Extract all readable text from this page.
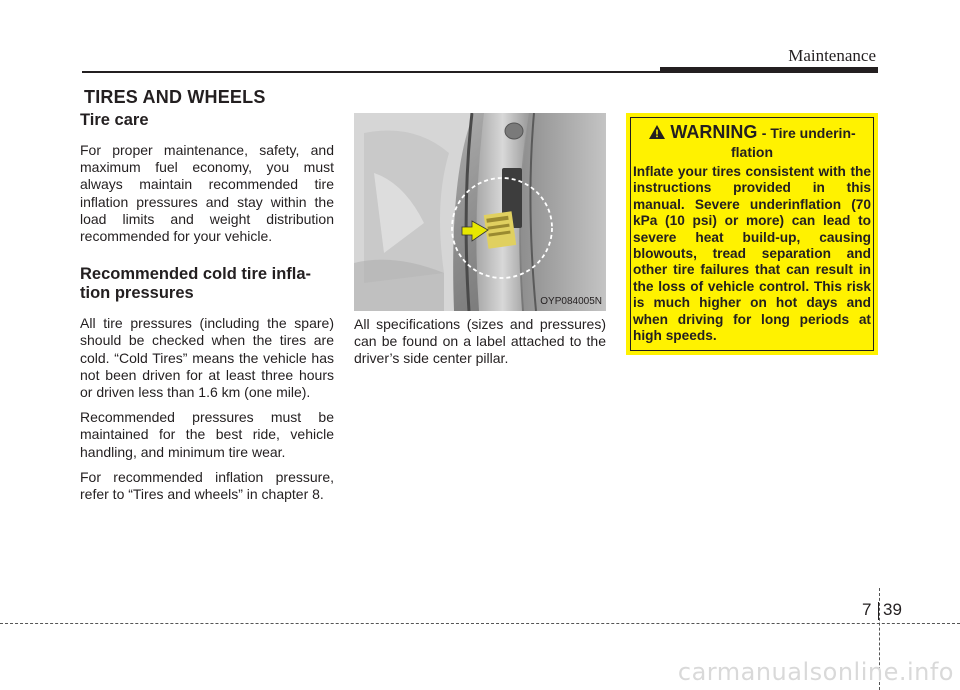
Maintenance
TIRES AND WHEELS
Tire care

For proper maintenance, safety, and maximum fuel economy, you must always maintain recommended tire inflation pressures and stay within the load limits and weight distribution recommended for your vehicle.

Recommended cold tire infla- tion pressures

All tire pressures (including the spare) should be checked when the tires are cold. “Cold Tires” means the vehicle has not been driven for at least three hours or driven less than 1.6 km (one mile).

Recommended pressures must be maintained for the best ride, vehicle handling, and minimum tire wear.

For recommended inflation pressure, refer to “Tires and wheels” in chapter 8.

OYP084005N

All specifications (sizes and pressures) can be found on a label attached to the driver’s side center pillar.

WARNING - Tire underin-
flation

Inflate your tires consistent with the instructions provided in this manual. Severe underinflation (70 kPa (10 psi) or more) can lead to severe heat build-up, causing blowouts, tread separation and other tire failures that can result in the loss of vehicle control. This risk is much higher on hot days and when driving for long periods at high speeds.

7 39
carmanualsonline.info
